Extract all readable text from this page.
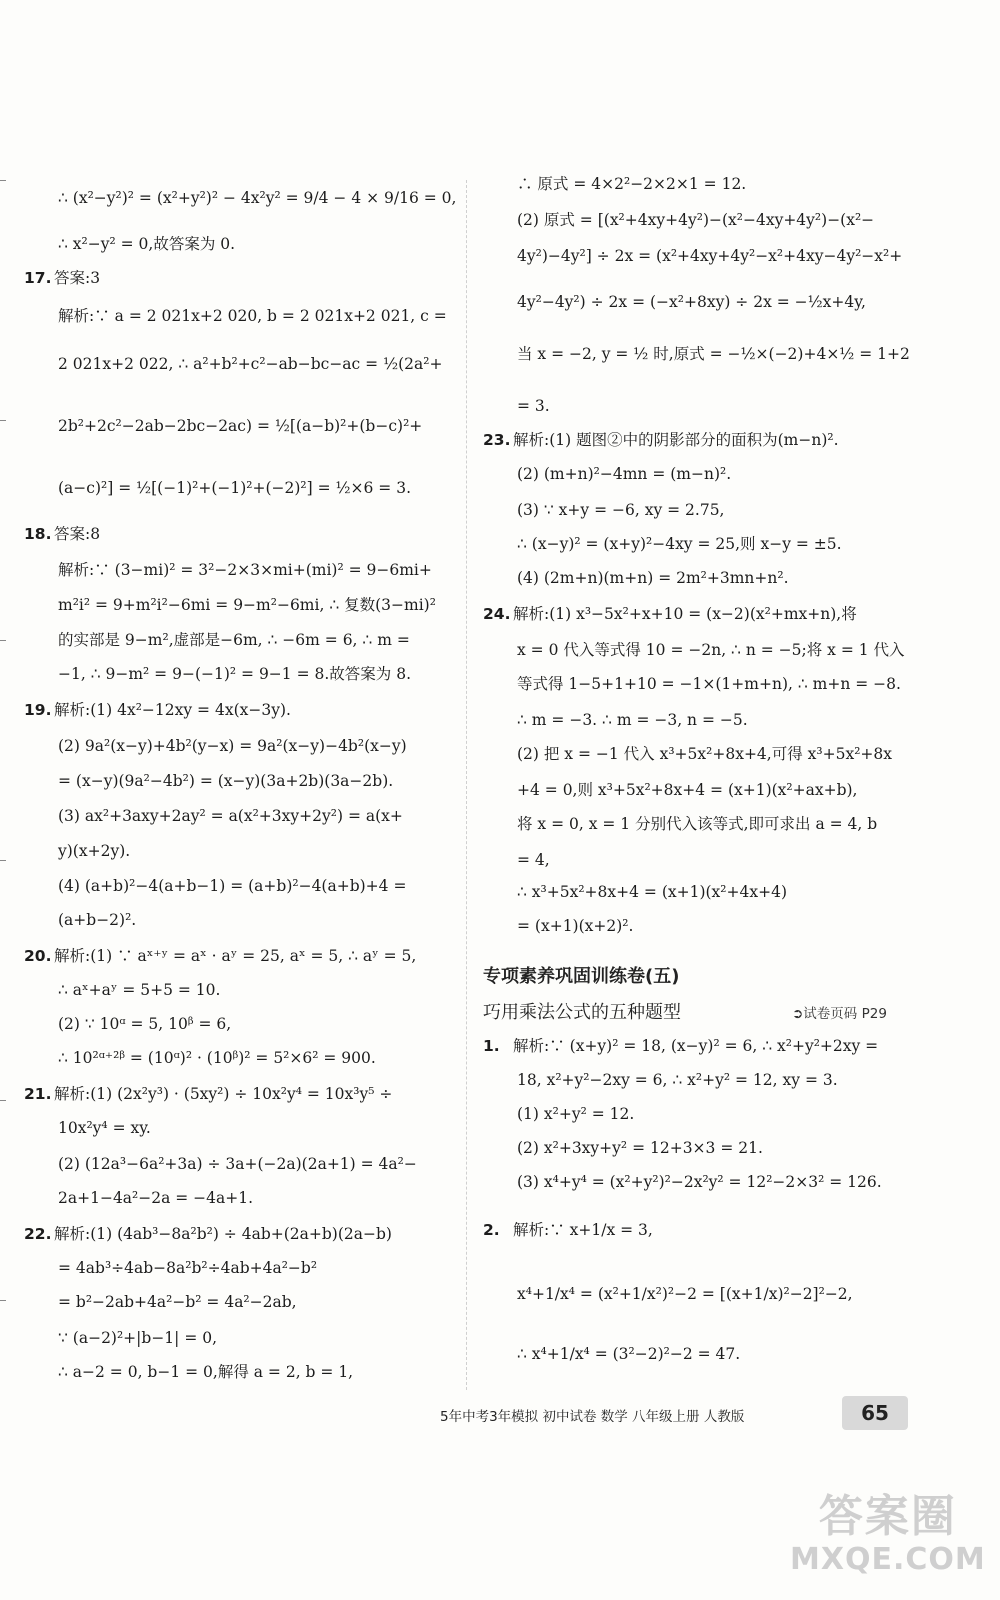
∴ (x²−y²)² = (x²+y²)² − 4x²y² = 9/4 − 4 × 9/16 = 0,
∴ x²−y² = 0,故答案为 0.
17. 答案:3
解析:∵ a = 2 021x+2 020, b = 2 021x+2 021, c =
2 021x+2 022, ∴ a²+b²+c²−ab−bc−ac = ½(2a²+
2b²+2c²−2ab−2bc−2ac) = ½[(a−b)²+(b−c)²+
(a−c)²] = ½[(−1)²+(−1)²+(−2)²] = ½×6 = 3.
18. 答案:8
解析:∵ (3−mi)² = 3²−2×3×mi+(mi)² = 9−6mi+
m²i² = 9+m²i²−6mi = 9−m²−6mi, ∴ 复数(3−mi)²
的实部是 9−m²,虚部是−6m, ∴ −6m = 6, ∴ m =
−1, ∴ 9−m² = 9−(−1)² = 9−1 = 8.故答案为 8.
19. 解析:(1) 4x²−12xy = 4x(x−3y).
(2) 9a²(x−y)+4b²(y−x) = 9a²(x−y)−4b²(x−y)
= (x−y)(9a²−4b²) = (x−y)(3a+2b)(3a−2b).
(3) ax²+3axy+2ay² = a(x²+3xy+2y²) = a(x+
y)(x+2y).
(4) (a+b)²−4(a+b−1) = (a+b)²−4(a+b)+4 =
(a+b−2)².
20. 解析:(1) ∵ aˣ⁺ʸ = aˣ · aʸ = 25, aˣ = 5, ∴ aʸ = 5,
∴ aˣ+aʸ = 5+5 = 10.
(2) ∵ 10ᵅ = 5, 10ᵝ = 6,
∴ 10²ᵅ⁺²ᵝ = (10ᵅ)² · (10ᵝ)² = 5²×6² = 900.
21. 解析:(1) (2x²y³) · (5xy²) ÷ 10x²y⁴ = 10x³y⁵ ÷
10x²y⁴ = xy.
(2) (12a³−6a²+3a) ÷ 3a+(−2a)(2a+1) = 4a²−
2a+1−4a²−2a = −4a+1.
22. 解析:(1) (4ab³−8a²b²) ÷ 4ab+(2a+b)(2a−b)
= 4ab³÷4ab−8a²b²÷4ab+4a²−b²
= b²−2ab+4a²−b² = 4a²−2ab,
∵ (a−2)²+|b−1| = 0,
∴ a−2 = 0, b−1 = 0,解得 a = 2, b = 1,
∴ 原式 = 4×2²−2×2×1 = 12.
(2) 原式 = [(x²+4xy+4y²)−(x²−4xy+4y²)−(x²−
4y²)−4y²] ÷ 2x = (x²+4xy+4y²−x²+4xy−4y²−x²+
4y²−4y²) ÷ 2x = (−x²+8xy) ÷ 2x = −½x+4y,
当 x = −2, y = ½ 时,原式 = −½×(−2)+4×½ = 1+2
= 3.
23. 解析:(1) 题图②中的阴影部分的面积为(m−n)².
(2) (m+n)²−4mn = (m−n)².
(3) ∵ x+y = −6, xy = 2.75,
∴ (x−y)² = (x+y)²−4xy = 25,则 x−y = ±5.
(4) (2m+n)(m+n) = 2m²+3mn+n².
24. 解析:(1) x³−5x²+x+10 = (x−2)(x²+mx+n),将
x = 0 代入等式得 10 = −2n, ∴ n = −5;将 x = 1 代入
等式得 1−5+1+10 = −1×(1+m+n), ∴ m+n = −8.
∴ m = −3. ∴ m = −3, n = −5.
(2) 把 x = −1 代入 x³+5x²+8x+4,可得 x³+5x²+8x
+4 = 0,则 x³+5x²+8x+4 = (x+1)(x²+ax+b),
将 x = 0, x = 1 分别代入该等式,即可求出 a = 4, b
= 4,
∴ x³+5x²+8x+4 = (x+1)(x²+4x+4)
= (x+1)(x+2)².
专项素养巩固训练卷(五)
巧用乘法公式的五种题型	➲试卷页码 P29
1. 解析:∵ (x+y)² = 18, (x−y)² = 6, ∴ x²+y²+2xy =
18, x²+y²−2xy = 6, ∴ x²+y² = 12, xy = 3.
(1) x²+y² = 12.
(2) x²+3xy+y² = 12+3×3 = 21.
(3) x⁴+y⁴ = (x²+y²)²−2x²y² = 12²−2×3² = 126.
2. 解析:∵ x+1/x = 3,
x⁴+1/x⁴ = (x²+1/x²)²−2 = [(x+1/x)²−2]²−2,
∴ x⁴+1/x⁴ = (3²−2)²−2 = 47.
5年中考3年模拟 初中试卷 数学 八年级上册 人教版	65
答案圈
MXQE.COM
